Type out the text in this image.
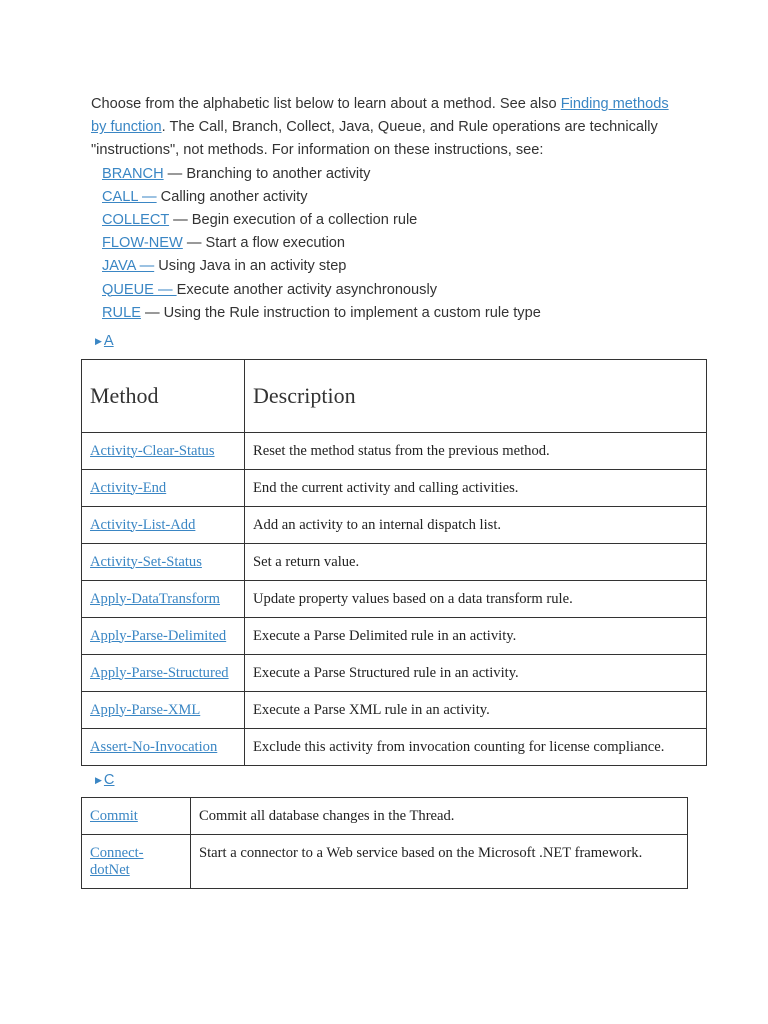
Choose from the alphabetic list below to learn about a method. See also Finding methods by function. The Call, Branch, Collect, Java, Queue, and Rule operations are technically "instructions", not methods. For information on these instructions, see:

BRANCH — Branching to another activity
CALL — Calling another activity
COLLECT — Begin execution of a collection rule
FLOW-NEW — Start a flow execution
JAVA — Using Java in an activity step
QUEUE — Execute another activity asynchronously
RULE — Using the Rule instruction to implement a custom rule type
▶ A
Method	Description
Activity-Clear-Status	Reset the method status from the previous method.
Activity-End	End the current activity and calling activities.
Activity-List-Add	Add an activity to an internal dispatch list.
Activity-Set-Status	Set a return value.
Apply-DataTransform	Update property values based on a data transform rule.
Apply-Parse-Delimited	Execute a Parse Delimited rule in an activity.
Apply-Parse-Structured	Execute a Parse Structured rule in an activity.
Apply-Parse-XML	Execute a Parse XML rule in an activity.
Assert-No-Invocation	Exclude this activity from invocation counting for license compliance.
▶ C
Commit	Commit all database changes in the Thread.
Connect-dotNet	Start a connector to a Web service based on the Microsoft .NET framework.
